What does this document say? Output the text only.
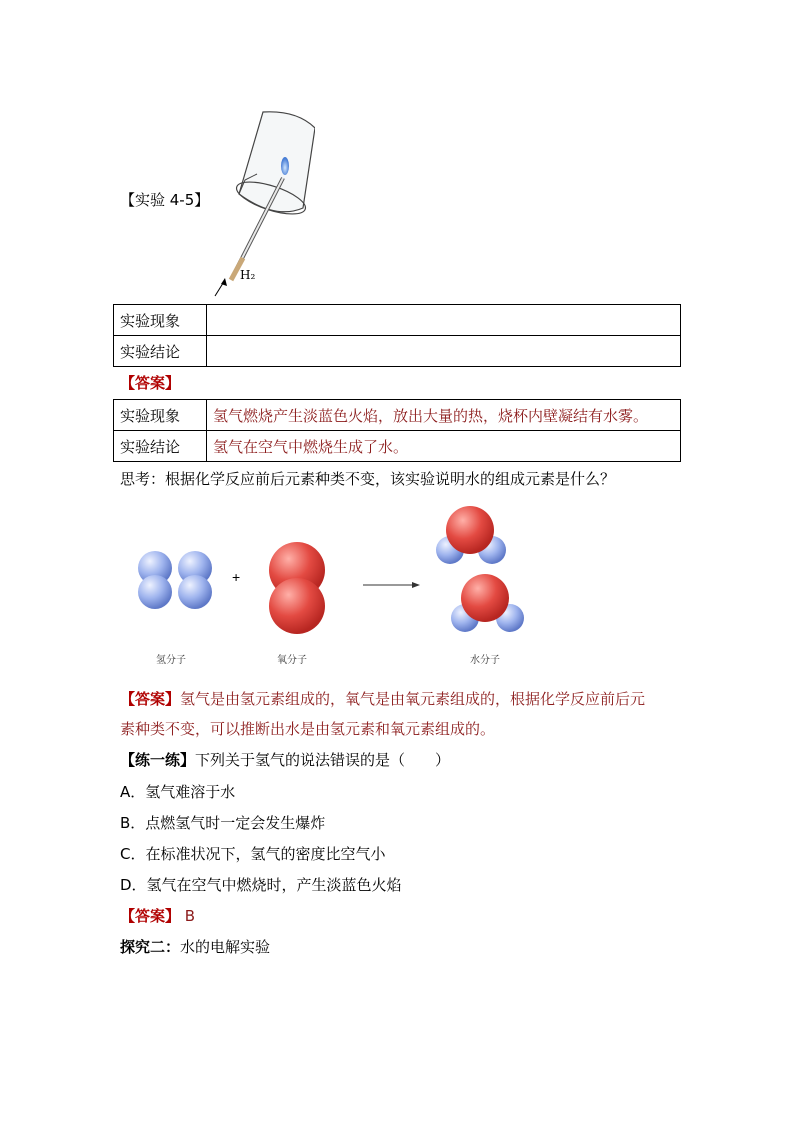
【实验 4-5】
H₂
实验现象	
实验结论	
【答案】
实验现象	氢气燃烧产生淡蓝色火焰，放出大量的热，烧杯内壁凝结有水雾。
实验结论	氢气在空气中燃烧生成了水。
思考：根据化学反应前后元素种类不变，该实验说明水的组成元素是什么？
+
氢分子	氧分子	水分子
【答案】氢气是由氢元素组成的，氧气是由氧元素组成的，根据化学反应前后元
素种类不变，可以推断出水是由氢元素和氧元素组成的。
【练一练】下列关于氢气的说法错误的是（　　）
A．氢气难溶于水
B．点燃氢气时一定会发生爆炸
C．在标准状况下，氢气的密度比空气小
D．氢气在空气中燃烧时，产生淡蓝色火焰
【答案】 B
探究二：水的电解实验
